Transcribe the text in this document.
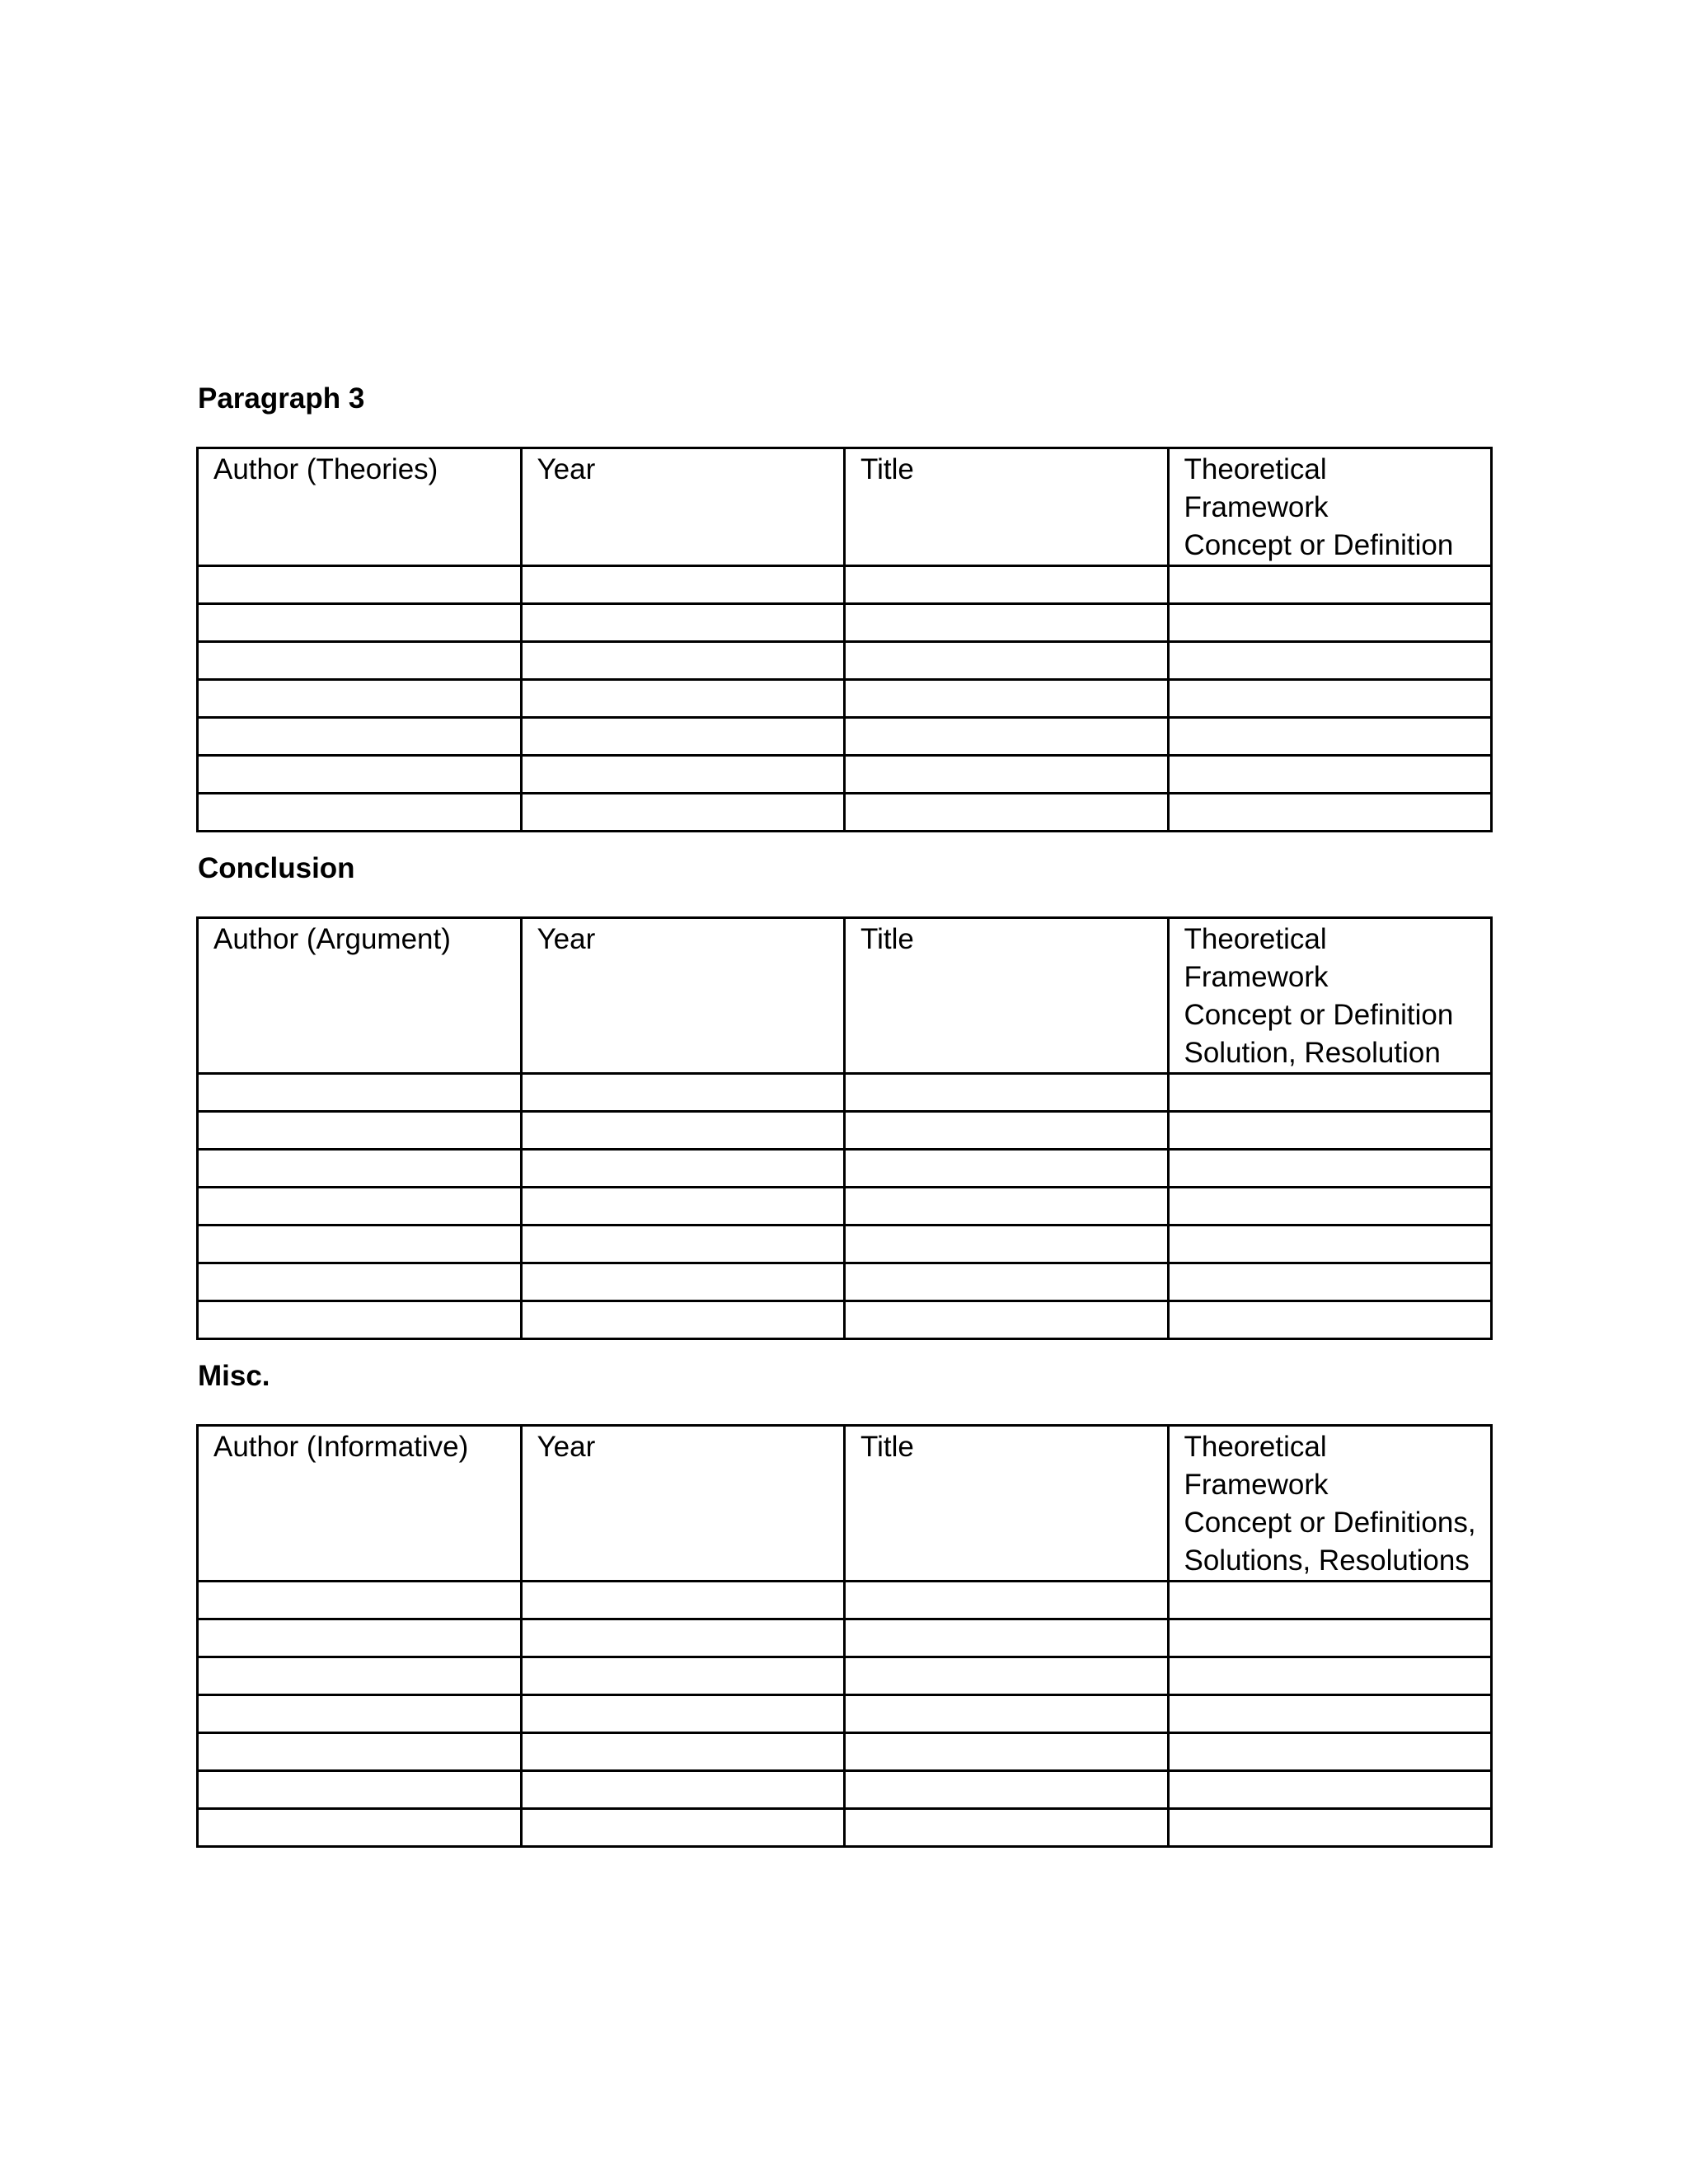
Paragraph 3
Author (Theories)	Year	Title	Theoretical Framework
Concept or Definition

Conclusion
Author (Argument)	Year	Title	Theoretical Framework
Concept or Definition
Solution, Resolution

Misc.
Author (Informative)	Year	Title	Theoretical Framework
Concept or Definitions,
Solutions, Resolutions
